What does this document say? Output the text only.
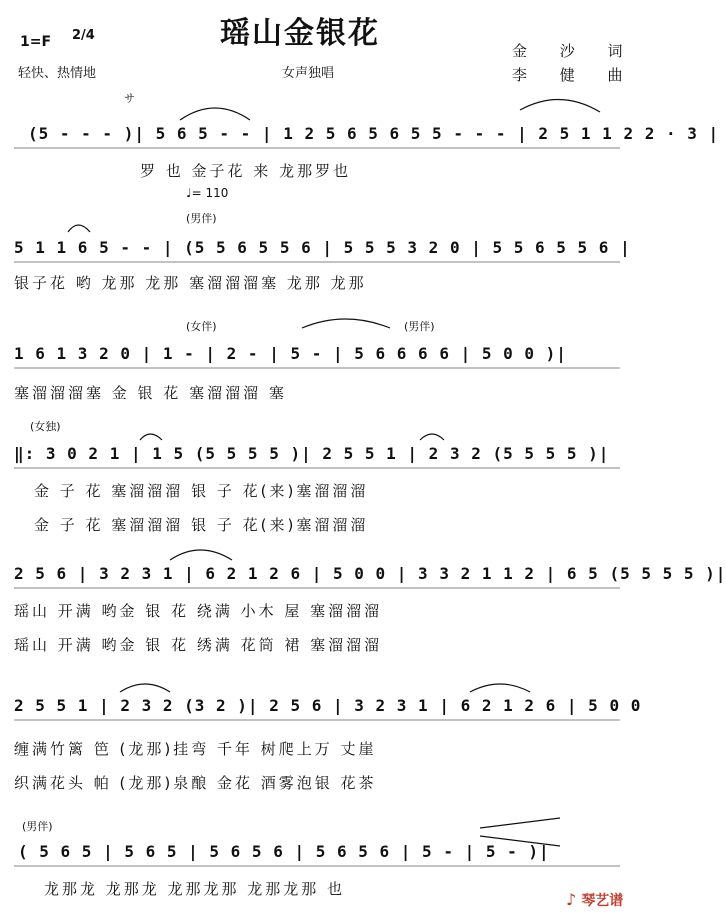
1=F 2/4	瑶山金银花
轻快、热情地	女声独唱
金 沙 词
李 健 曲
サ
(5 - - - )| 5 6 5 - - | 1 2 5 6 5 6 5 5 - - - | 2 5 1 1 2 2 · 3 |
罗 也 金子花 来 龙那罗也
♩= 110
(男伴)
5 1 1 6 5 - - | (5 5 6 5 5 6 | 5 5 5 3 2 0 | 5 5 6 5 5 6 |
银子花 哟 龙那 龙那 塞溜溜溜塞 龙那 龙那
(女伴)	(男伴)
1 6 1 3 2 0 | 1 - | 2 - | 5 - | 5 6 6 6 6 | 5 0 0 )|
塞溜溜溜塞 金 银 花 塞溜溜溜 塞
(女独)
‖: 3 0 2 1 | 1 5 (5 5 5 5 )| 2 5 5 1 | 2 3 2 (5 5 5 5 )|
金 子 花 塞溜溜溜 银 子 花(来)塞溜溜溜
金 子 花 塞溜溜溜 银 子 花(来)塞溜溜溜
2 5 6 | 3 2 3 1 | 6 2 1 2 6 | 5 0 0 | 3 3 2 1 1 2 | 6 5 (5 5 5 5 )|
瑶山 开满 哟金 银 花 绕满 小木 屋 塞溜溜溜
瑶山 开满 哟金 银 花 绣满 花筒 裙 塞溜溜溜
2 5 5 1 | 2 3 2 (3 2 )| 2 5 6 | 3 2 3 1 | 6 2 1 2 6 | 5 0 0
缠满竹篱 笆 (龙那)挂弯 千年 树爬上万 丈崖
织满花头 帕 (龙那)泉酿 金花 酒雾泡银 花茶
(男伴)
( 5 6 5 | 5 6 5 | 5 6 5 6 | 5 6 5 6 | 5 - | 5 - )|
龙那龙 龙那龙 龙那龙那 龙那龙那 也
♪ 琴艺谱
